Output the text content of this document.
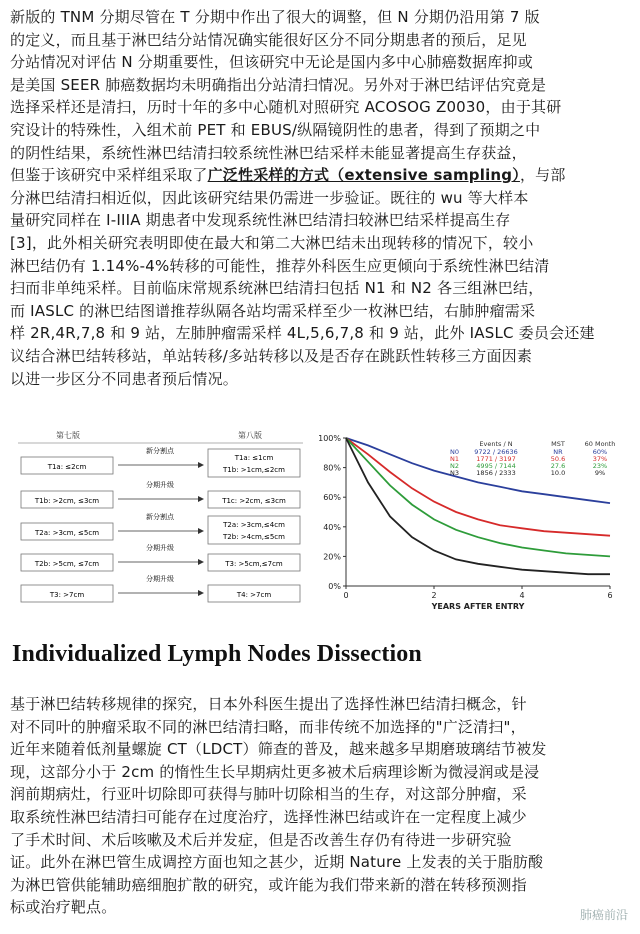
新版的 TNM 分期尽管在 T 分期中作出了很大的调整，但 N 分期仍沿用第 7 版
的定义，而且基于淋巴结分站情况确实能很好区分不同分期患者的预后，足见
分站情况对评估 N 分期重要性，但该研究中无论是国内多中心肺癌数据库抑或
是美国 SEER 肺癌数据均未明确指出分站清扫情况。另外对于淋巴结评估究竟是
选择采样还是清扫，历时十年的多中心随机对照研究 ACOSOG Z0030，由于其研
究设计的特殊性，入组术前 PET 和 EBUS/纵隔镜阴性的患者，得到了预期之中
的阴性结果，系统性淋巴结清扫较系统性淋巴结采样未能显著提高生存获益，
但鉴于该研究中采样组采取了广泛性采样的方式（extensive sampling），与部
分淋巴结清扫相近似，因此该研究结果仍需进一步验证。既往的 wu 等大样本
量研究同样在 I-IIIA 期患者中发现系统性淋巴结清扫较淋巴结采样提高生存
[3]，此外相关研究表明即使在最大和第二大淋巴结未出现转移的情况下，较小
淋巴结仍有 1.14%-4%转移的可能性，推荐外科医生应更倾向于系统性淋巴结清
扫而非单纯采样。目前临床常规系统淋巴结清扫包括 N1 和 N2 各三组淋巴结，
而 IASLC 的淋巴结图谱推荐纵隔各站均需采样至少一枚淋巴结，右肺肿瘤需采
样 2R,4R,7,8 和 9 站，左肺肿瘤需采样 4L,5,6,7,8 和 9 站，此外 IASLC 委员会还建
议结合淋巴结转移站，单站转移/多站转移以及是否存在跳跃性转移三方面因素
以进一步区分不同患者预后情况。
第七版	第八版
T1a: ≤2cm
新分割点
T1a: ≤1cm
T1b: >1cm,≤2cm
T1b: >2cm, ≤3cm
分期升级
T1c: >2cm, ≤3cm
T2a: >3cm, ≤5cm
新分割点
T2a: >3cm,≤4cm
T2b: >4cm,≤5cm
T2b: >5cm, ≤7cm
分期升级
T3: >5cm,≤7cm
T3: >7cm
分期升级
T4: >7cm
0%
20%
40%
60%
80%
100%
0	2	4	6
YEARS AFTER ENTRY
Events / N	MST	60 Month
N0 9722 / 26636	NR	60%
N1	1771 / 3197	50.6	37%
N2	4995 / 7144	27.6	23%
N3	1856 / 2333	10.0	9%
Individualized Lymph Nodes Dissection
基于淋巴结转移规律的探究，日本外科医生提出了选择性淋巴结清扫概念，针
对不同叶的肿瘤采取不同的淋巴结清扫略，而非传统不加选择的"广泛清扫"，
近年来随着低剂量螺旋 CT（LDCT）筛查的普及，越来越多早期磨玻璃结节被发
现，这部分小于 2cm 的惰性生长早期病灶更多被术后病理诊断为微浸润或是浸
润前期病灶，行亚叶切除即可获得与肺叶切除相当的生存，对这部分肿瘤，采
取系统性淋巴结清扫可能存在过度治疗，选择性淋巴结或许在一定程度上减少
了手术时间、术后咳嗽及术后并发症，但是否改善生存仍有待进一步研究验
证。此外在淋巴管生成调控方面也知之甚少，近期 Nature 上发表的关于脂肪酸
为淋巴管供能辅助癌细胞扩散的研究，或许能为我们带来新的潜在转移预测指
标或治疗靶点。	肺癌前沿
